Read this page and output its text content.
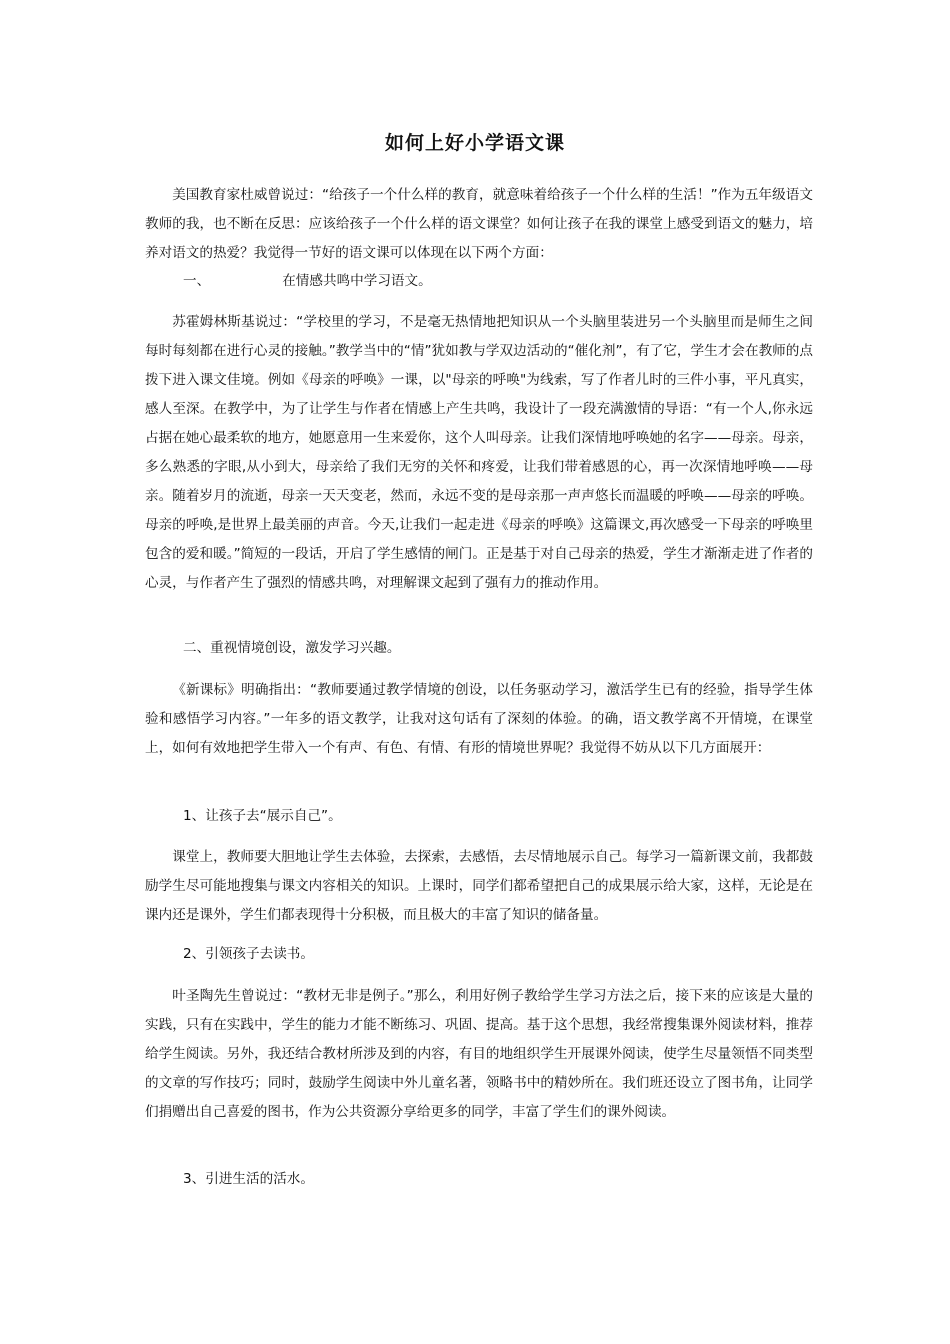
如何上好小学语文课

美国教育家杜威曾说过：“给孩子一个什么样的教育，就意味着给孩子一个什么样的生活！”作为五年级语文教师的我，也不断在反思：应该给孩子一个什么样的语文课堂？如何让孩子在我的课堂上感受到语文的魅力，培养对语文的热爱？我觉得一节好的语文课可以体现在以下两个方面：

一、	在情感共鸣中学习语文。

苏霍姆林斯基说过：“学校里的学习，不是毫无热情地把知识从一个头脑里装进另一个头脑里而是师生之间每时每刻都在进行心灵的接触。”教学当中的“情”犹如教与学双边活动的“催化剂”，有了它，学生才会在教师的点拨下进入课文佳境。例如《母亲的呼唤》一课，以"母亲的呼唤"为线索，写了作者儿时的三件小事，平凡真实，感人至深。在教学中，为了让学生与作者在情感上产生共鸣，我设计了一段充满激情的导语：“有一个人,你永远占据在她心最柔软的地方，她愿意用一生来爱你，这个人叫母亲。让我们深情地呼唤她的名字——母亲。母亲，多么熟悉的字眼,从小到大，母亲给了我们无穷的关怀和疼爱，让我们带着感恩的心，再一次深情地呼唤——母亲。随着岁月的流逝，母亲一天天变老，然而，永远不变的是母亲那一声声悠长而温暖的呼唤——母亲的呼唤。母亲的呼唤,是世界上最美丽的声音。今天,让我们一起走进《母亲的呼唤》这篇课文,再次感受一下母亲的呼唤里包含的爱和暖。”简短的一段话，开启了学生感情的闸门。正是基于对自己母亲的热爱，学生才渐渐走进了作者的心灵，与作者产生了强烈的情感共鸣，对理解课文起到了强有力的推动作用。

二、重视情境创设，激发学习兴趣。

《新课标》明确指出：“教师要通过教学情境的创设，以任务驱动学习，激活学生已有的经验，指导学生体验和感悟学习内容。”一年多的语文教学，让我对这句话有了深刻的体验。的确，语文教学离不开情境，在课堂上，如何有效地把学生带入一个有声、有色、有情、有形的情境世界呢？我觉得不妨从以下几方面展开：

1、让孩子去“展示自己”。

课堂上，教师要大胆地让学生去体验，去探索，去感悟，去尽情地展示自己。每学习一篇新课文前，我都鼓励学生尽可能地搜集与课文内容相关的知识。上课时，同学们都希望把自己的成果展示给大家，这样，无论是在课内还是课外，学生们都表现得十分积极，而且极大的丰富了知识的储备量。

2、引领孩子去读书。

叶圣陶先生曾说过：“教材无非是例子。”那么，利用好例子教给学生学习方法之后，接下来的应该是大量的实践，只有在实践中，学生的能力才能不断练习、巩固、提高。基于这个思想，我经常搜集课外阅读材料，推荐给学生阅读。另外，我还结合教材所涉及到的内容，有目的地组织学生开展课外阅读，使学生尽量领悟不同类型的文章的写作技巧；同时，鼓励学生阅读中外儿童名著，领略书中的精妙所在。我们班还设立了图书角，让同学们捐赠出自己喜爱的图书，作为公共资源分享给更多的同学，丰富了学生们的课外阅读。

3、引进生活的活水。
